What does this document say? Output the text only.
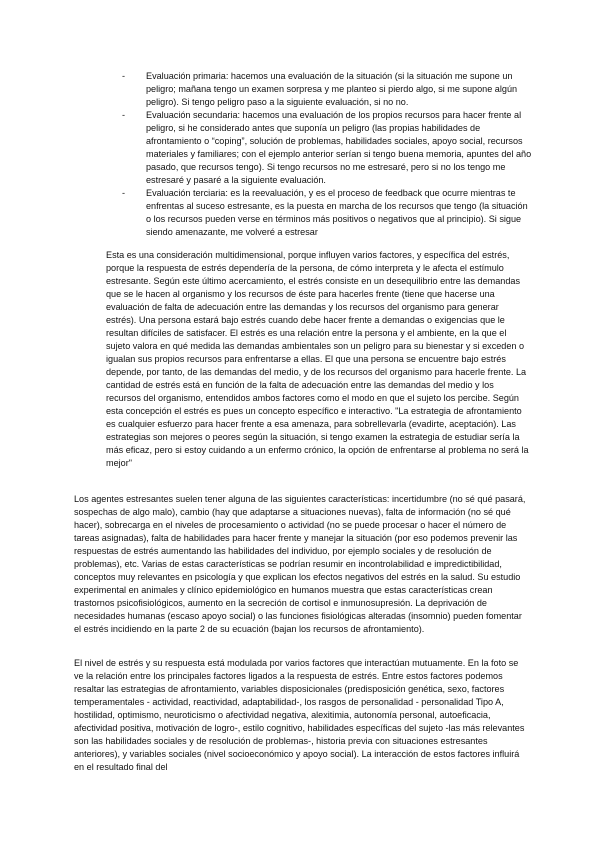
- Evaluación primaria: hacemos una evaluación de la situación (si la situación me supone un peligro; mañana tengo un examen sorpresa y me planteo si pierdo algo, si me supone algún peligro). Si tengo peligro paso a la siguiente evaluación, si no no.
- Evaluación secundaria: hacemos una evaluación de los propios recursos para hacer frente al peligro, si he considerado antes que suponía un peligro (las propias habilidades de afrontamiento o “coping”, solución de problemas, habilidades sociales, apoyo social, recursos materiales y familiares; con el ejemplo anterior serían si tengo buena memoria, apuntes del año pasado, que recursos tengo). Si tengo recursos no me estresaré, pero si no los tengo me estresaré y pasaré a la siguiente evaluación.
- Evaluación terciaria: es la reevaluación, y es el proceso de feedback que ocurre mientras te enfrentas al suceso estresante, es la puesta en marcha de los recursos que tengo (la situación o los recursos pueden verse en términos más positivos o negativos que al principio). Si sigue siendo amenazante, me volveré a estresar

Esta es una consideración multidimensional, porque influyen varios factores, y específica del estrés, porque la respuesta de estrés dependería de la persona, de cómo interpreta y le afecta el estímulo estresante. Según este último acercamiento, el estrés consiste en un desequilibrio entre las demandas que se le hacen al organismo y los recursos de éste para hacerles frente (tiene que hacerse una evaluación de falta de adecuación entre las demandas y los recursos del organismo para generar estrés). Una persona estará bajo estrés cuando debe hacer frente a demandas o exigencias que le resultan difíciles de satisfacer. El estrés es una relación entre la persona y el ambiente, en la que el sujeto valora en qué medida las demandas ambientales son un peligro para su bienestar y si exceden o igualan sus propios recursos para enfrentarse a ellas. El que una persona se encuentre bajo estrés depende, por tanto, de las demandas del medio, y de los recursos del organismo para hacerle frente. La cantidad de estrés está en función de la falta de adecuación entre las demandas del medio y los recursos del organismo, entendidos ambos factores como el modo en que el sujeto los percibe. Según esta concepción el estrés es pues un concepto específico e interactivo. "La estrategia de afrontamiento es cualquier esfuerzo para hacer frente a esa amenaza, para sobrellevarla (evadirte, aceptación). Las estrategias son mejores o peores según la situación, si tengo examen la estrategia de estudiar sería la más eficaz, pero si estoy cuidando a un enfermo crónico, la opción de enfrentarse al problema no será la mejor"

Los agentes estresantes suelen tener alguna de las siguientes características: incertidumbre (no sé qué pasará, sospechas de algo malo), cambio (hay que adaptarse a situaciones nuevas), falta de información (no sé qué hacer), sobrecarga en el niveles de procesamiento o actividad (no se puede procesar o hacer el número de tareas asignadas), falta de habilidades para hacer frente y manejar la situación (por eso podemos prevenir las respuestas de estrés aumentando las habilidades del individuo, por ejemplo sociales y de resolución de problemas), etc. Varias de estas características se podrían resumir en incontrolabilidad e impredictibilidad, conceptos muy relevantes en psicología y que explican los efectos negativos del estrés en la salud. Su estudio experimental en animales y clínico epidemiológico en humanos muestra que estas características crean trastornos psicofisiológicos, aumento en la secreción de cortisol e inmunosupresión. La deprivación de necesidades humanas (escaso apoyo social) o las funciones fisiológicas alteradas (insomnio) pueden fomentar el estrés incidiendo en la parte 2 de su ecuación (bajan los recursos de afrontamiento).

El nivel de estrés y su respuesta está modulada por varios factores que interactúan mutuamente. En la foto se ve la relación entre los principales factores ligados a la respuesta de estrés. Entre estos factores podemos resaltar las estrategias de afrontamiento, variables disposicionales (predisposición genética, sexo, factores temperamentales - actividad, reactividad, adaptabilidad-, los rasgos de personalidad - personalidad Tipo A, hostilidad, optimismo, neuroticismo o afectividad negativa, alexitimia, autonomía personal, autoeficacia, afectividad positiva, motivación de logro-, estilo cognitivo, habilidades específicas del sujeto -las más relevantes son las habilidades sociales y de resolución de problemas-, historia previa con situaciones estresantes anteriores), y variables sociales (nivel socioeconómico y apoyo social). La interacción de estos factores influirá en el resultado final del
